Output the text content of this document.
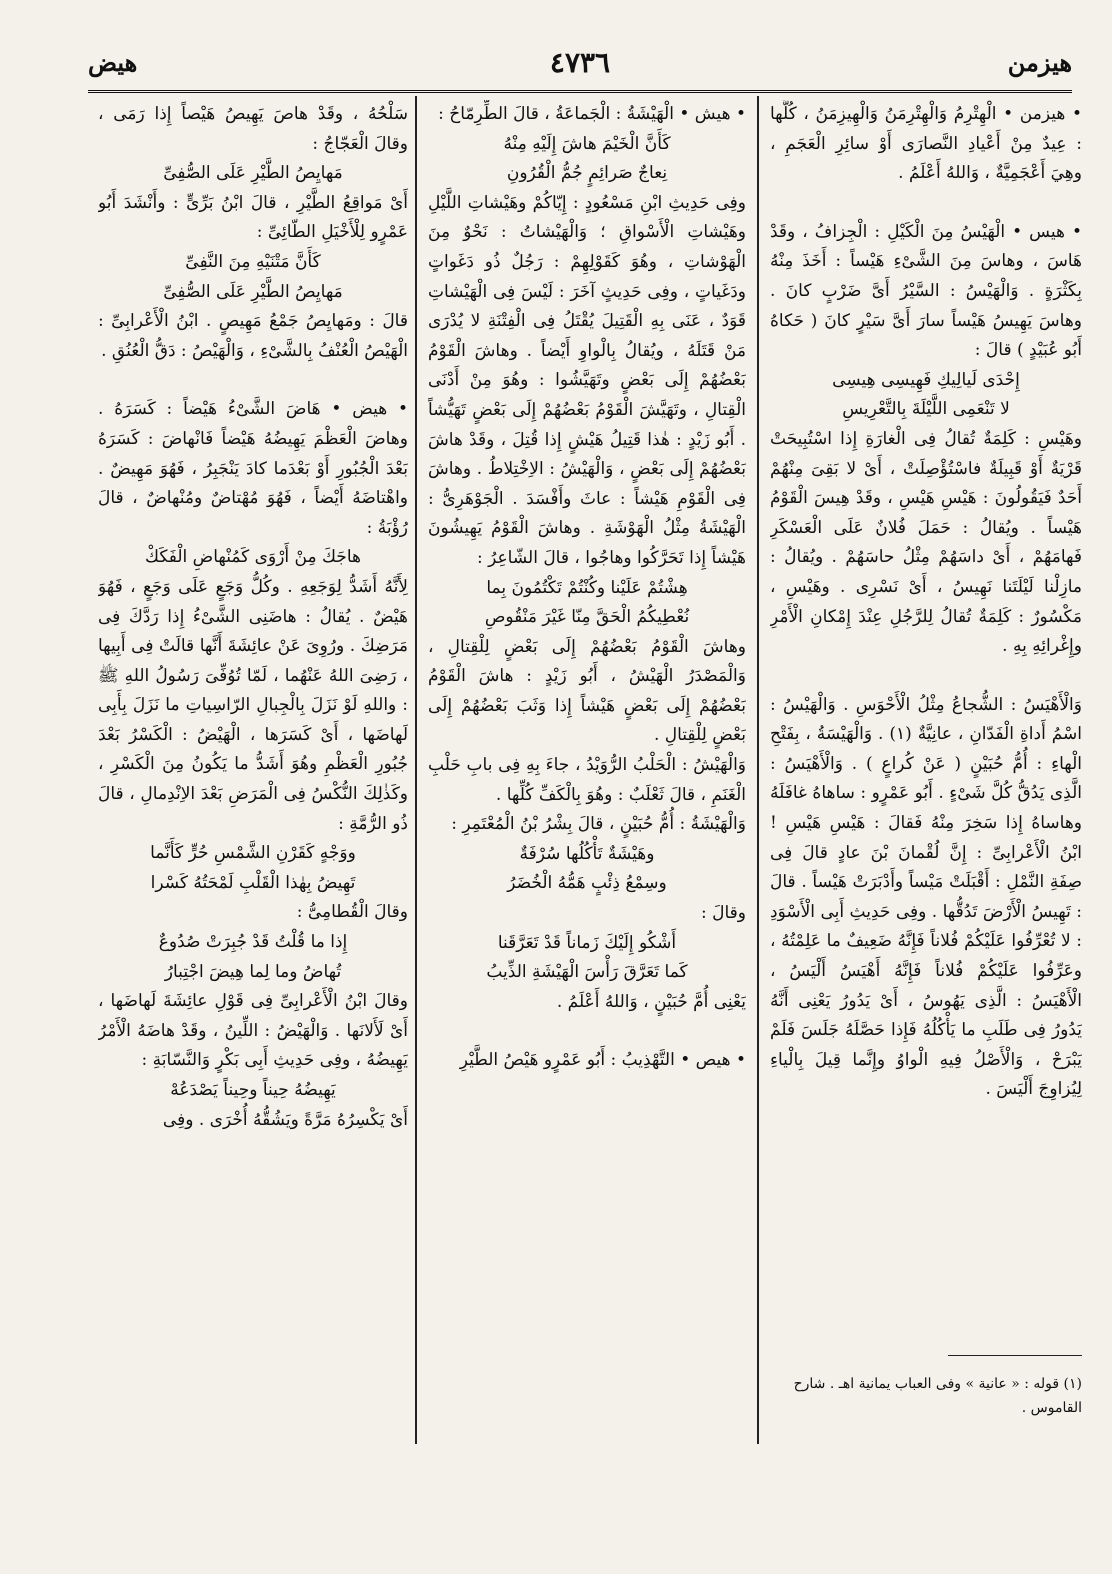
هيزمن
٤٧٣٦
هيض

• هيزمن • الْهِتْرِمُ وَالْهِتْرِمَنُ وَالْهِيزِمَنُ ، كُلُّها : عِيدٌ مِنْ أَعْيادِ النَّصارَى أَوْ سائِرِ الْعَجَمِ ، وهِيَ أَعْجَمِيَّةٌ ، وَاللهُ أَعْلَمُ .

• هيس • الْهَيْسُ مِنَ الْكَيْلِ : الْجِزافُ ، وقَدْ هَاسَ ، وهاسَ مِنَ الشَّىْءِ هَيْساً : أَخَذَ مِنْهُ بِكَثْرَةٍ . وَالْهَيْسُ : السَّيْرُ أَىَّ ضَرْبٍ كانَ . وهاسَ يَهِيسُ هَيْساً سارَ أَىَّ سَيْرٍ كانَ ( حَكاهُ أَبُو عُبَيْدٍ ) قالَ :

إِحْدَى لَيالِيكِ فَهِيسِى هِيسِى

لا تَنْعَمِى اللَّيْلَةَ بِالتَّعْرِيسِ

وهَيْسِ : كَلِمَةٌ تُقالُ فِى الْغارَةِ إِذا اسْتُبِيحَتْ قَرْيَةٌ أَوْ قَبِيلَةٌ فاسْتُؤْصِلَتْ ، أَىْ لا بَقِىَ مِنْهُمْ أَحَدٌ فَيَقُولُونَ : هَيْسِ هَيْسِ ، وقَدْ هِيسَ الْقَوْمُ هَيْساً . ويُقالُ : حَمَلَ فُلانٌ عَلَى الْعَسْكَرِ فَهامَهُمْ ، أَىْ داسَهُمْ مِثْلُ حاسَهُمْ . ويُقالُ : مازِلْنا لَيْلَتَنا نَهِيسُ ، أَىْ نَسْرِى . وهَيْسِ ، مَكْسُورٌ : كَلِمَةٌ تُقالُ لِلرَّجُلِ عِنْدَ إِمْكانِ الْأَمْرِ وإِغْرائِهِ بِهِ .

وَالْأَهْيَسُ : الشُّجاعُ مِثْلُ الْأَحْوَسِ . وَالْهَيْسُ : اسْمُ أَداةِ الْفَدّانِ ، عانِيَّةٌ (١) . وَالْهَيْسَةُ ، بِفَتْحِ الْهاءِ : أُمُّ حُبَيْنٍ ( عَنْ كُراعٍ ) . وَالْأَهْيَسُ : الَّذِى يَدُقُّ كُلَّ شَىْءٍ . أَبُو عَمْرٍو : ساهاهُ غافَلَهُ وهاساهُ إِذا سَخِرَ مِنْهُ فَقالَ : هَيْسِ هَيْسِ ! ابْنُ الْأَعْرابِىِّ : إِنَّ لُقْمانَ بْنَ عادٍ قالَ فِى صِفَةِ النَّمْلِ : أَقْبَلَتْ مَيْساً وأَدْبَرَتْ هَيْساً . قالَ : تَهِيسُ الْأَرْضَ تَدُقُّها . وفِى حَدِيثِ أَبِى الْأَسْوَدِ : لا تُعْرِّفُوا عَلَيْكُمْ فُلاناً فَإِنَّهُ ضَعِيفٌ ما عَلِمْتُهُ ، وعَرِّفُوا عَلَيْكُمْ فُلاناً فَإِنَّهُ أَهْيَسُ أَلْيَسُ ، الْأَهْيَسُ : الَّذِى يَهُوسُ ، أَىْ يَدُورُ يَعْنِى أَنَّهُ يَدُورُ فِى طَلَبِ ما يَأْكُلُهُ فَإِذا حَصَّلَهُ جَلَسَ فَلَمْ يَبْرَحْ ، وَالْأَصْلُ فِيهِ الْواوُ وإِنَّما قِيلَ بِالْياءِ لِيُزاوِجَ أَلْيَسَ .

• هيش • الْهَيْشَةُ : الْجَماعَةُ ، قالَ الطِّرِمّاحُ :

كَأَنَّ الْخَيْمَ هاشَ إِلَيْهِ مِنْهُ

نِعاجٌ صَرائِمٍ جُمُّ الْقُرُونِ

وفِى حَدِيثِ ابْنِ مَسْعُودٍ : إِيّاكُمْ وهَيْشاتِ اللَّيْلِ وهَيْشاتِ الْأَسْواقِ ؛ وَالْهَيْشاتُ : نَحْوٌ مِنَ الْهَوْشاتِ ، وهُوَ كَقَوْلِهِمْ : رَجُلٌ ذُو دَغَواتٍ ودَغَياتٍ ، وفِى حَدِيثٍ آخَرَ : لَيْسَ فِى الْهَيْشاتِ قَوَدٌ ، عَنَى بِهِ الْقَتِيلَ يُقْتَلُ فِى الْفِتْنَةِ لا يُدْرَى مَنْ قَتَلَهُ ، ويُقالُ بِالْواوِ أَيْضاً . وهاشَ الْقَوْمُ بَعْضُهُمْ إِلَى بَعْضٍ وتَهَيَّشُوا : وهُوَ مِنْ أَدْنَى الْقِتالِ ، وتَهَيَّشَ الْقَوْمُ بَعْضُهُمْ إِلَى بَعْضٍ تَهَيُّشاً . أَبُو زَيْدٍ : هٰذا قَتِيلُ هَيْشٍ إِذا قُتِلَ ، وقَدْ هاشَ بَعْضُهُمْ إِلَى بَعْضٍ ، وَالْهَيْشُ : الاِخْتِلاطُ . وهاشَ فِى الْقَوْمِ هَيْشاً : عاثَ وأَفْسَدَ . الْجَوْهَرِىُّ : الْهَيْشَةُ مِثْلُ الْهَوْشَةِ . وهاشَ الْقَوْمُ يَهِيشُونَ هَيْشاً إِذا تَحَرَّكُوا وهاجُوا ، قالَ الشّاعِرُ :

هِشْتُمْ عَلَيْنا وكُنْتُمْ تَكْتُمُونَ بِما

نُعْطِيكُمُ الْحَقَّ مِنّا غَيْرَ مَنْقُوصِ

وهاشَ الْقَوْمُ بَعْضُهُمْ إِلَى بَعْضٍ لِلْقِتالِ ، وَالْمَصْدَرُ الْهَيْشُ ، أَبُو زَيْدٍ : هاشَ الْقَوْمُ بَعْضُهُمْ إِلَى بَعْضٍ هَيْشاً إِذا وَثَبَ بَعْضُهُمْ إِلَى بَعْضٍ لِلْقِتالِ .

وَالْهَيْشُ : الْحَلْبُ الرُّوَيْدُ ، جاءَ بِهِ فِى بابِ حَلْبِ الْغَنَمِ ، قالَ ثَعْلَبٌ : وهُوَ بِالْكَفِّ كُلِّها .

وَالْهَيْشَةُ : أُمُّ حُبَيْنٍ ، قالَ بِشْرُ بْنُ الْمُعْتَمِرِ :

وهَيْشَةٌ تَأْكُلُها سُرْفَةٌ

وسِمْعُ ذِئْبٍ هَمُّهُ الْخُضَرُ

وقالَ :

أَشْكُو إِلَيْكَ زَماناً قَدْ تَعَرَّقَنا

كَما تَعَرَّقَ رَأْسَ الْهَيْشَةِ الذِّيبُ

يَعْنِى أُمَّ حُبَيْنٍ ، وَاللهُ أَعْلَمُ .

• هيص • التَّهْذِيبُ : أَبُو عَمْرٍو هَيْصُ الطَّيْرِ

سَلْحُهُ ، وقَدْ هاصَ يَهِيصُ هَيْصاً إِذا رَمَى ، وقالَ الْعَجّاجُ :

مَهايِصُ الطَّيْرِ عَلَى الصُّفِىِّ

أَىْ مَواقِعُ الطَّيْرِ ، قالَ ابْنُ بَرِّىٍّ : وأَنْشَدَ أَبُو عَمْرٍو لِلْأَخْيَلِ الطّائِىِّ :

كَأَنَّ مَتْنَيْهِ مِنَ النَّفِىِّ

مَهايِصُ الطَّيْرِ عَلَى الصُّفِىِّ

قالَ : ومَهايِصُ جَمْعُ مَهِيصٍ . ابْنُ الْأَعْرابِىِّ : الْهَيْصُ الْعُنْفُ بِالشَّىْءِ ، وَالْهَيْصُ : دَقُّ الْعُنُقِ .

• هيض • هَاضَ الشَّىْءُ هَيْضاً : كَسَرَهُ . وهاضَ الْعَظْمَ يَهِيضُهُ هَيْضاً فَانْهاضَ : كَسَرَهُ بَعْدَ الْجُبُورِ أَوْ بَعْدَما كادَ يَنْجَبِرُ ، فَهُوَ مَهِيضٌ . واهْتاضَهُ أَيْضاً ، فَهُوَ مُهْتاضٌ ومُنْهاضٌ ، قالَ رُؤْبَةُ :

هاجَكَ مِنْ أَرْوَى كَمُنْهاضِ الْفَكَكْ

لِأَنَّهُ أَشَدُّ لِوَجَعِهِ . وكُلُّ وَجَعٍ عَلَى وَجَعٍ ، فَهُوَ هَيْضٌ . يُقالُ : هاضَنِى الشَّىْءُ إِذا رَدَّكَ فِى مَرَضِكَ . ورُوِىَ عَنْ عائِشَةَ أَنَّها قالَتْ فِى أَبِيها ، رَضِىَ اللهُ عَنْهُما ، لَمّا تُوُفِّىَ رَسُولُ اللهِ ﷺ : واللهِ لَوْ نَزَلَ بِالْجِبالِ الرّاسِياتِ ما نَزَلَ بِأَبِى لَهاضَها ، أَىْ كَسَرَها ، الْهَيْضُ : الْكَسْرُ بَعْدَ جُبُورِ الْعَظْمِ وهُوَ أَشَدُّ ما يَكُونُ مِنَ الْكَسْرِ ، وكَذٰلِكَ النُّكْسُ فِى الْمَرَضِ بَعْدَ الاِنْدِمالِ ، قالَ ذُو الرُّمَّةِ :

ووَجْهٍ كَقَرْنِ الشَّمْسِ حُرٍّ كَأَنَّما

تَهِيضُ بِهٰذا الْقَلْبِ لَمْحَتُهُ كَسْرا

وقالَ الْقُطامِىُّ :

إِذا ما قُلْتُ قَدْ جُبِرَتْ صُدُوعٌ

تُهاضُ وما لِما هِيضَ اجْتِبارُ

وقالَ ابْنُ الْأَعْرابِىِّ فِى قَوْلِ عائِشَةَ لَهاضَها ، أَىْ لَأَلانَها . وَالْهَيْضُ : اللِّينُ ، وقَدْ هاضَهُ الْأَمْرُ يَهِيضُهُ ، وفِى حَدِيثِ أَبِى بَكْرٍ وَالنَّسّابَةِ :

يَهِيضُهُ حِيناً وحِيناً يَصْدَعُهْ

أَىْ يَكْسِرُهُ مَرَّةً ويَشُقُّهُ أُخْرَى . وفِى

(١) قوله : « عانية » وفى العباب يمانية اهـ . شارح القاموس .
